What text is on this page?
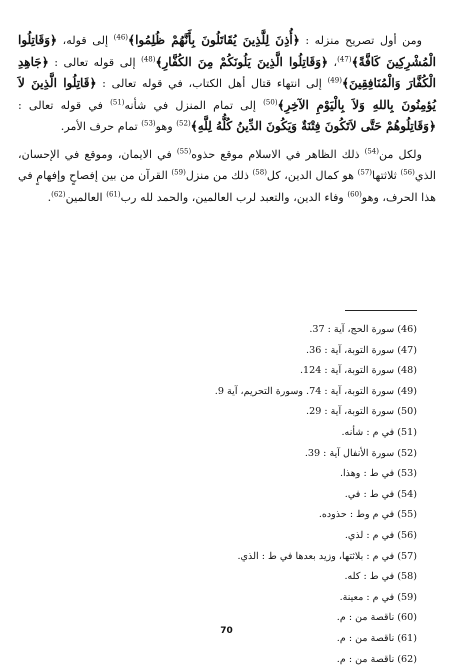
ومن أول تصريح منزله : ﴿أُذِنَ لِلَّذِينَ يُقَاتَلُونَ بِأَنَّهُمْ ظُلِمُوا﴾$^{(46)}$ إلى قوله، ﴿وَقَاتِلُوا الْمُشْرِكِينَ كَافَّةً﴾$^{(47)}$، ﴿وَقَاتِلُوا الَّذِينَ يَلُونَكُمْ مِنَ الكُفَّارِ﴾$^{(48)}$ إلى قوله تعالى : ﴿جَاهِدِ الْكُفَّارَ وَالْمُنَافِقِينَ﴾$^{(49)}$ إلى انتهاء قتال أهل الكتاب، في قوله تعالى : ﴿قَاتِلُوا الَّذِينَ لاَ يُؤمِنُونَ بِاللهِ وَلاَ بِالْيَوْمِ الآخِرِ﴾$^{(50)}$ إلى تمام المنزل في شأنه$^{(51)}$ في قوله تعالى : ﴿وَقَاتِلُوهُمْ حَتَّى لاَتَكُونَ فِتْنَةٌ وَيَكُونَ الدِّينُ كُلُّهُ لِلَّهِ﴾$^{(52)}$ وهو$^{(53)}$ تمام حرف الأمر.

ولكل من$^{(54)}$ ذلك الظاهر في الاسلام موقع حذوه$^{(55)}$ في الايمان، وموقع في الإحسان، الذي$^{(56)}$ ثلاثتها$^{(57)}$ هو كمال الدين، كل$^{(58)}$ ذلك من منزل$^{(59)}$ القرآن من بين إفصاحٍ وإفهامٍ في هذا الحرف، وهو$^{(60)}$ وفاء الدين، والتعبد لرب العالمين، والحمد لله رب$^{(61)}$ العالمين$^{(62)}$.

(46) سورة الحج، آية : 37.
(47) سورة التوبة، آية : 36.
(48) سورة التوبة، آية : 124.
(49) سورة التوبة، آية : 74. وسورة التحريم، آية 9.
(50) سورة التوبة، آية : 29.
(51) في م : شأنه.
(52) سورة الأنفال آية : 39.
(53) في ط : وهذا.
(54) في ط : في.
(55) في م وط : حذوده.
(56) في م : لذي.
(57) في م : بلاثتها، وزيد بعدها في ط : الذي.
(58) في ط : كله.
(59) في م : معينة.
(60) ناقصة من : م.
(61) ناقصة من : م.
(62) ناقصة من : م.
70
